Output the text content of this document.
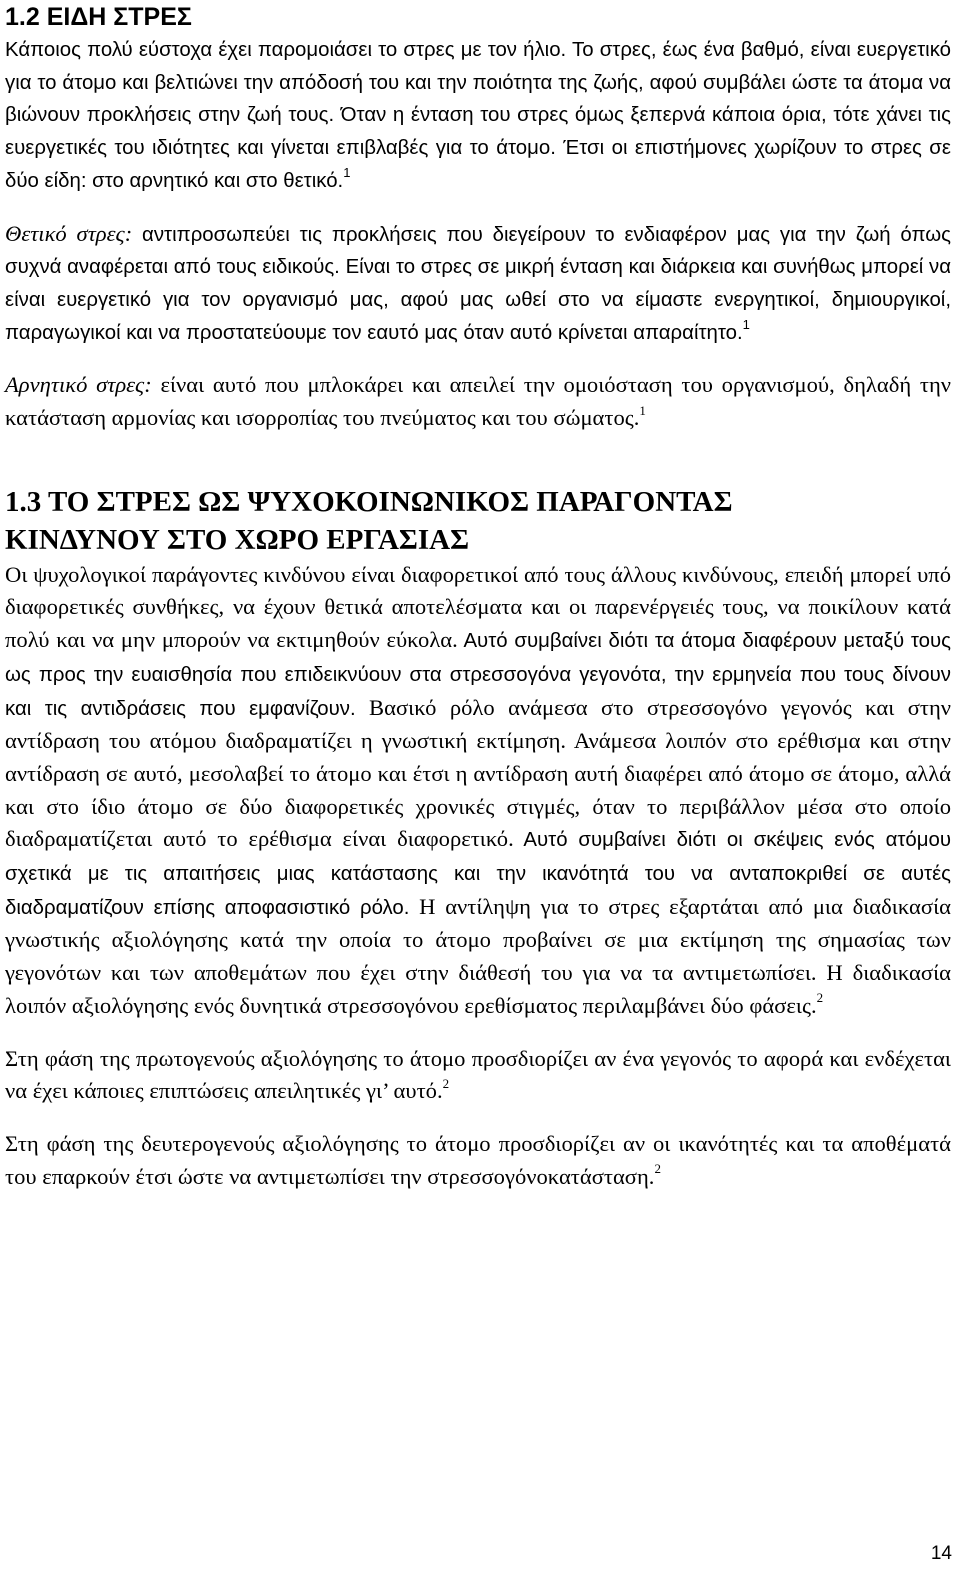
1.2 ΕΙΔΗ ΣΤΡΕΣ

Κάποιος πολύ εύστοχα έχει παρομοιάσει το στρες με τον ήλιο. Το στρες, έως ένα βαθμό, είναι ευεργετικό για το άτομο και βελτιώνει την απόδοσή του και την ποιότητα της ζωής, αφού συμβάλει ώστε τα άτομα να βιώνουν προκλήσεις στην ζωή τους. Όταν η ένταση του στρες όμως ξεπερνά κάποια όρια, τότε χάνει τις ευεργετικές του ιδιότητες και γίνεται επιβλαβές για το άτομο. Έτσι οι επιστήμονες χωρίζουν το στρες σε δύο είδη: στο αρνητικό και στο θετικό.$^1$

Θετικό στρες: αντιπροσωπεύει τις προκλήσεις που διεγείρουν το ενδιαφέρον μας για την ζωή όπως συχνά αναφέρεται από τους ειδικούς. Είναι το στρες σε μικρή ένταση και διάρκεια και συνήθως μπορεί να είναι ευεργετικό για τον οργανισμό μας, αφού μας ωθεί στο να είμαστε ενεργητικοί, δημιουργικοί, παραγωγικοί και να προστατεύουμε τον εαυτό μας όταν αυτό κρίνεται απαραίτητο.$^1$

Αρνητικό στρες: είναι αυτό που μπλοκάρει και απειλεί την ομοιόσταση του οργανισμού, δηλαδή την κατάσταση αρμονίας και ισορροπίας του πνεύματος και του σώματος.$^1$

1.3 ΤΟ ΣΤΡΕΣ ΩΣ ΨΥΧΟΚΟΙΝΩΝΙΚΟΣ ΠΑΡΑΓΟΝΤΑΣ
ΚΙΝΔΥΝΟΥ ΣΤΟ ΧΩΡΟ ΕΡΓΑΣΙΑΣ

Οι ψυχολογικοί παράγοντες κινδύνου είναι διαφορετικοί από τους άλλους κινδύνους, επειδή μπορεί υπό διαφορετικές συνθήκες, να έχουν θετικά αποτελέσματα και οι παρενέργειές τους, να ποικίλουν κατά πολύ και να μην μπορούν να εκτιμηθούν εύκολα. Αυτό συμβαίνει διότι τα άτομα διαφέρουν μεταξύ τους ως προς την ευαισθησία που επιδεικνύουν στα στρεσσογόνα γεγονότα, την ερμηνεία που τους δίνουν και τις αντιδράσεις που εμφανίζουν. Βασικό ρόλο ανάμεσα στο στρεσσογόνο γεγονός και στην αντίδραση του ατόμου διαδραματίζει η γνωστική εκτίμηση. Ανάμεσα λοιπόν στο ερέθισμα και στην αντίδραση σε αυτό, μεσολαβεί το άτομο και έτσι η αντίδραση αυτή διαφέρει από άτομο σε άτομο, αλλά και στο ίδιο άτομο σε δύο διαφορετικές χρονικές στιγμές, όταν το περιβάλλον μέσα στο οποίο διαδραματίζεται αυτό το ερέθισμα είναι διαφορετικό. Αυτό συμβαίνει διότι οι σκέψεις ενός ατόμου σχετικά με τις απαιτήσεις μιας κατάστασης και την ικανότητά του να ανταποκριθεί σε αυτές διαδραματίζουν επίσης αποφασιστικό ρόλο. Η αντίληψη για το στρες εξαρτάται από μια διαδικασία γνωστικής αξιολόγησης κατά την οποία το άτομο προβαίνει σε μια εκτίμηση της σημασίας των γεγονότων και των αποθεμάτων που έχει στην διάθεσή του για να τα αντιμετωπίσει. Η διαδικασία λοιπόν αξιολόγησης ενός δυνητικά στρεσσογόνου ερεθίσματος περιλαμβάνει δύο φάσεις.$^2$

Στη φάση της πρωτογενούς αξιολόγησης το άτομο προσδιορίζει αν ένα γεγονός το αφορά και ενδέχεται να έχει κάποιες επιπτώσεις απειλητικές γι’ αυτό.$^2$

Στη φάση της δευτερογενούς αξιολόγησης το άτομο προσδιορίζει αν οι ικανότητές και τα αποθέματά του επαρκούν έτσι ώστε να αντιμετωπίσει την στρεσσογόνοκατάσταση.$^2$

14
